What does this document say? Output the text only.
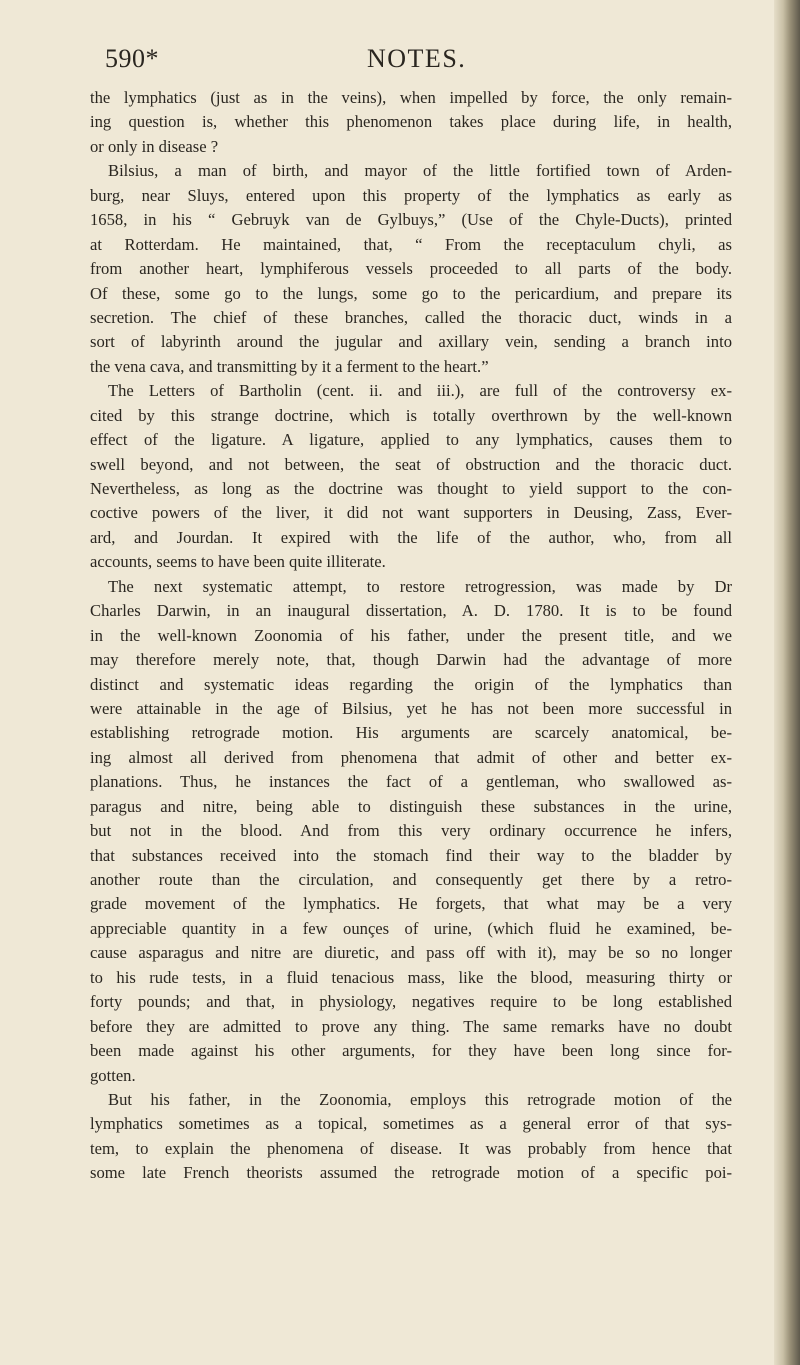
590*	NOTES.
the lymphatics (just as in the veins), when impelled by force, the only remain-
ing question is, whether this phenomenon takes place during life, in health,
or only in disease ?
Bilsius, a man of birth, and mayor of the little fortified town of Arden-
burg, near Sluys, entered upon this property of the lymphatics as early as
1658, in his “ Gebruyk van de Gylbuys,” (Use of the Chyle-Ducts), printed
at Rotterdam. He maintained, that, “ From the receptaculum chyli, as
from another heart, lymphiferous vessels proceeded to all parts of the body.
Of these, some go to the lungs, some go to the pericardium, and prepare its
secretion. The chief of these branches, called the thoracic duct, winds in a
sort of labyrinth around the jugular and axillary vein, sending a branch into
the vena cava, and transmitting by it a ferment to the heart.”
The Letters of Bartholin (cent. ii. and iii.), are full of the controversy ex-
cited by this strange doctrine, which is totally overthrown by the well-known
effect of the ligature. A ligature, applied to any lymphatics, causes them to
swell beyond, and not between, the seat of obstruction and the thoracic duct.
Nevertheless, as long as the doctrine was thought to yield support to the con-
coctive powers of the liver, it did not want supporters in Deusing, Zass, Ever-
ard, and Jourdan. It expired with the life of the author, who, from all
accounts, seems to have been quite illiterate.
The next systematic attempt, to restore retrogression, was made by Dr
Charles Darwin, in an inaugural dissertation, A. D. 1780. It is to be found
in the well-known Zoonomia of his father, under the present title, and we
may therefore merely note, that, though Darwin had the advantage of more
distinct and systematic ideas regarding the origin of the lymphatics than
were attainable in the age of Bilsius, yet he has not been more successful in
establishing retrograde motion. His arguments are scarcely anatomical, be-
ing almost all derived from phenomena that admit of other and better ex-
planations. Thus, he instances the fact of a gentleman, who swallowed as-
paragus and nitre, being able to distinguish these substances in the urine,
but not in the blood. And from this very ordinary occurrence he infers,
that substances received into the stomach find their way to the bladder by
another route than the circulation, and consequently get there by a retro-
grade movement of the lymphatics. He forgets, that what may be a very
appreciable quantity in a few ounçes of urine, (which fluid he examined, be-
cause asparagus and nitre are diuretic, and pass off with it), may be so no longer
to his rude tests, in a fluid tenacious mass, like the blood, measuring thirty or
forty pounds; and that, in physiology, negatives require to be long established
before they are admitted to prove any thing. The same remarks have no doubt
been made against his other arguments, for they have been long since for-
gotten.
But his father, in the Zoonomia, employs this retrograde motion of the
lymphatics sometimes as a topical, sometimes as a general error of that sys-
tem, to explain the phenomena of disease. It was probably from hence that
some late French theorists assumed the retrograde motion of a specific poi-
